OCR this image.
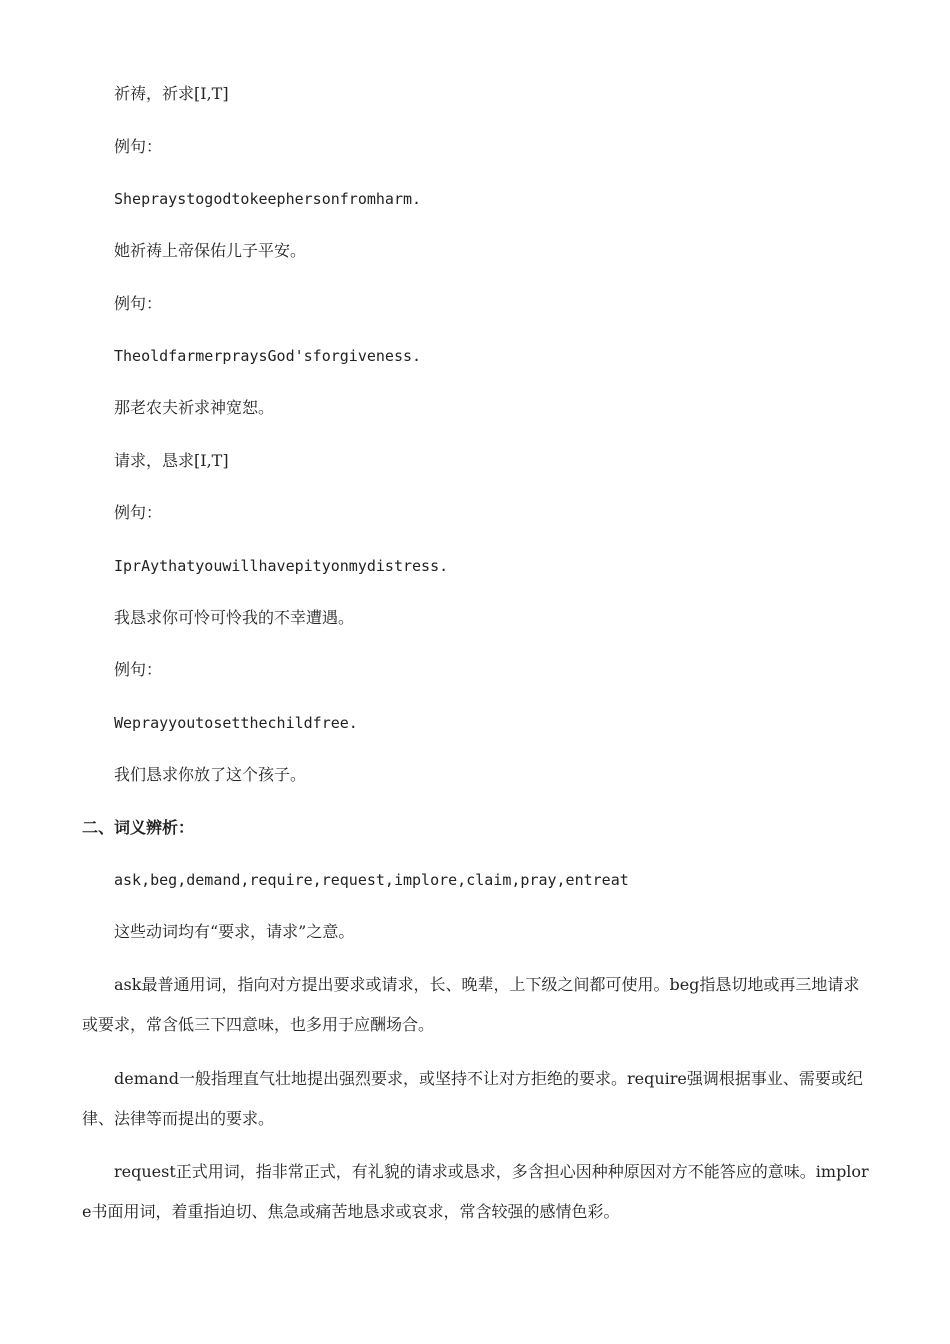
祈祷，祈求[I,T]
例句：
Shepraystogodtokeephersonfromharm.
她祈祷上帝保佑儿子平安。
例句：
TheoldfarmerpraysGod'sforgiveness.
那老农夫祈求神宽恕。
请求，恳求[I,T]
例句：
IprAythatyouwillhavepityonmydistress.
我恳求你可怜可怜我的不幸遭遇。
例句：
Weprayyoutosetthechildfree.
我们恳求你放了这个孩子。
二、词义辨析：
ask,beg,demand,require,request,implore,claim,pray,entreat
这些动词均有“要求，请求”之意。
ask最普通用词，指向对方提出要求或请求，长、晚辈，上下级之间都可使用。beg指恳切地或再三地请求或要求，常含低三下四意味，也多用于应酬场合。
demand一般指理直气壮地提出强烈要求，或坚持不让对方拒绝的要求。require强调根据事业、需要或纪律、法律等而提出的要求。
request正式用词，指非常正式，有礼貌的请求或恳求，多含担心因种种原因对方不能答应的意味。implore书面用词，着重指迫切、焦急或痛苦地恳求或哀求，常含较强的感情色彩。
